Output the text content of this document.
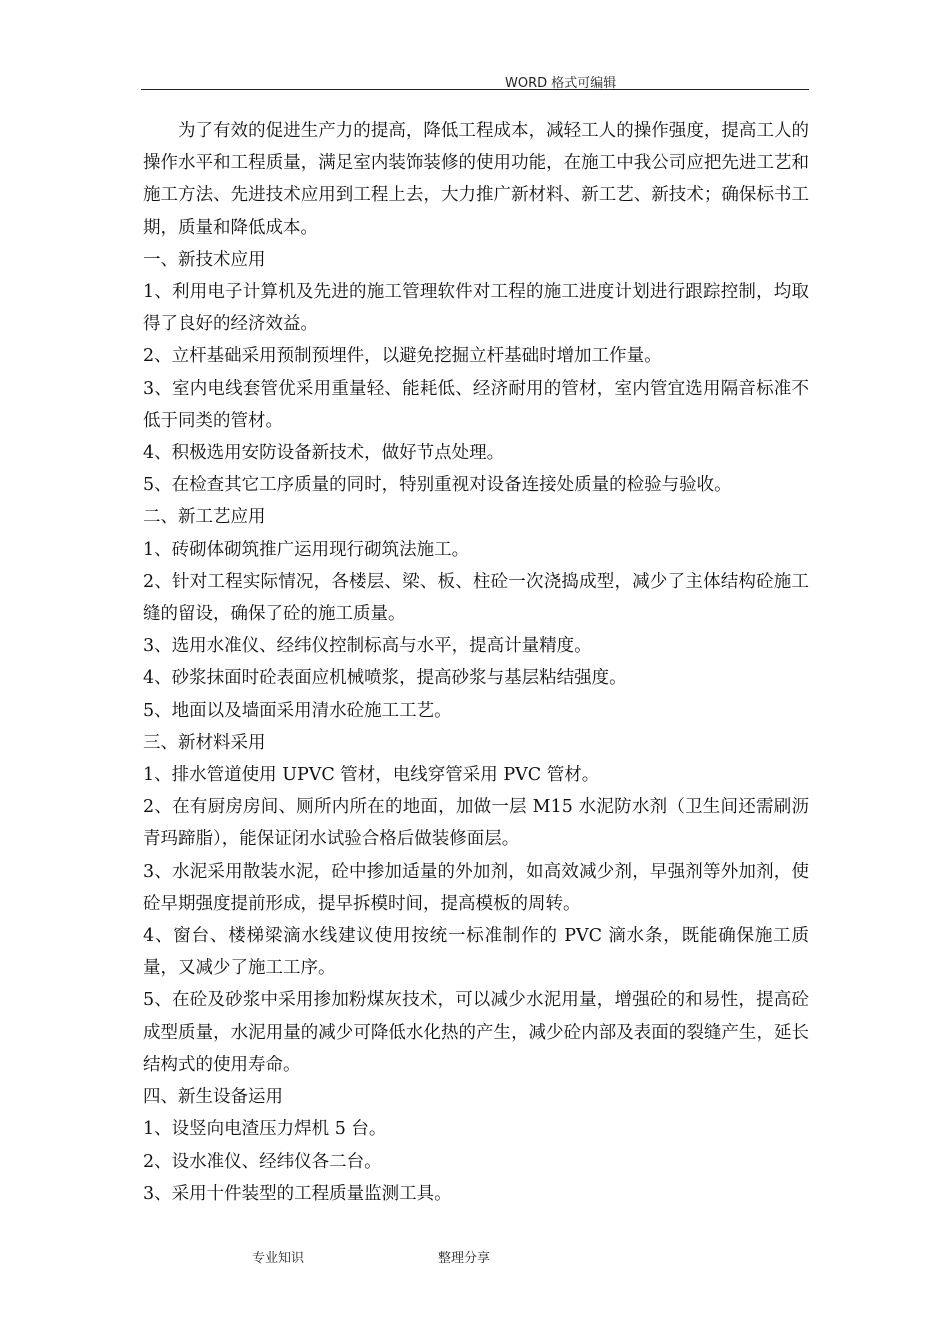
WORD 格式可编辑

为了有效的促进生产力的提高，降低工程成本，减轻工人的操作强度，提高工人的操作水平和工程质量，满足室内装饰装修的使用功能，在施工中我公司应把先进工艺和施工方法、先进技术应用到工程上去，大力推广新材料、新工艺、新技术；确保标书工期，质量和降低成本。

一、新技术应用

1、利用电子计算机及先进的施工管理软件对工程的施工进度计划进行跟踪控制，均取得了良好的经济效益。

2、立杆基础采用预制预埋件，以避免挖掘立杆基础时增加工作量。

3、室内电线套管优采用重量轻、能耗低、经济耐用的管材，室内管宜选用隔音标准不低于同类的管材。

4、积极选用安防设备新技术，做好节点处理。

5、在检查其它工序质量的同时，特别重视对设备连接处质量的检验与验收。

二、新工艺应用

1、砖砌体砌筑推广运用现行砌筑法施工。

2、针对工程实际情况，各楼层、梁、板、柱砼一次浇捣成型，减少了主体结构砼施工缝的留设，确保了砼的施工质量。

3、选用水准仪、经纬仪控制标高与水平，提高计量精度。

4、砂浆抹面时砼表面应机械喷浆，提高砂浆与基层粘结强度。

5、地面以及墙面采用清水砼施工工艺。

三、新材料采用

1、排水管道使用 UPVC 管材，电线穿管采用 PVC 管材。

2、在有厨房房间、厕所内所在的地面，加做一层 M15 水泥防水剂（卫生间还需刷沥青玛蹄脂），能保证闭水试验合格后做装修面层。

3、水泥采用散装水泥，砼中掺加适量的外加剂，如高效减少剂，早强剂等外加剂，使砼早期强度提前形成，提早拆模时间，提高模板的周转。

4、窗台、楼梯梁滴水线建议使用按统一标准制作的 PVC 滴水条，既能确保施工质量，又减少了施工工序。

5、在砼及砂浆中采用掺加粉煤灰技术，可以减少水泥用量，增强砼的和易性，提高砼成型质量，水泥用量的减少可降低水化热的产生，减少砼内部及表面的裂缝产生，延长结构式的使用寿命。

四、新生设备运用

1、设竖向电渣压力焊机 5 台。

2、设水准仪、经纬仪各二台。

3、采用十件装型的工程质量监测工具。

专业知识	整理分享
